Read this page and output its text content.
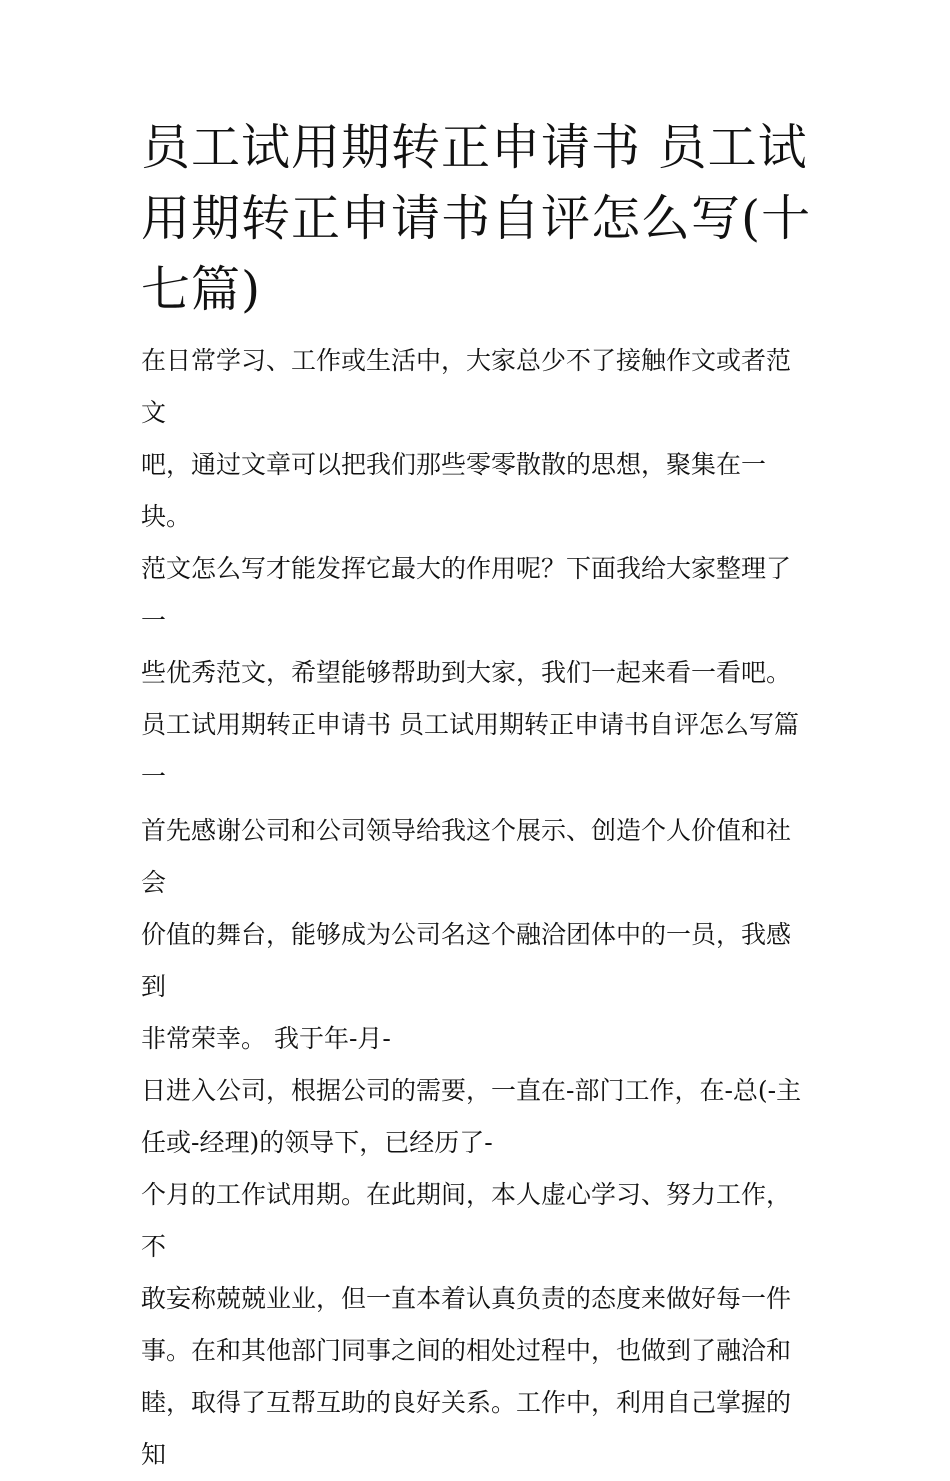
员工试用期转正申请书 员工试
用期转正申请书自评怎么写(十
七篇)

在日常学习、工作或生活中，大家总少不了接触作文或者范文
吧，通过文章可以把我们那些零零散散的思想，聚集在一块。
范文怎么写才能发挥它最大的作用呢？下面我给大家整理了一
些优秀范文，希望能够帮助到大家，我们一起来看一看吧。

员工试用期转正申请书 员工试用期转正申请书自评怎么写篇
一

首先感谢公司和公司领导给我这个展示、创造个人价值和社会
价值的舞台，能够成为公司名这个融洽团体中的一员，我感到
非常荣幸。 我于年-月-

日进入公司，根据公司的需要，一直在-部门工作，在-总(-主
任或-经理)的领导下，已经历了-

个月的工作试用期。在此期间，本人虚心学习、努力工作，不
敢妄称兢兢业业，但一直本着认真负责的态度来做好每一件
事。在和其他部门同事之间的相处过程中，也做到了融洽和
睦，取得了互帮互助的良好关系。工作中，利用自己掌握的知
